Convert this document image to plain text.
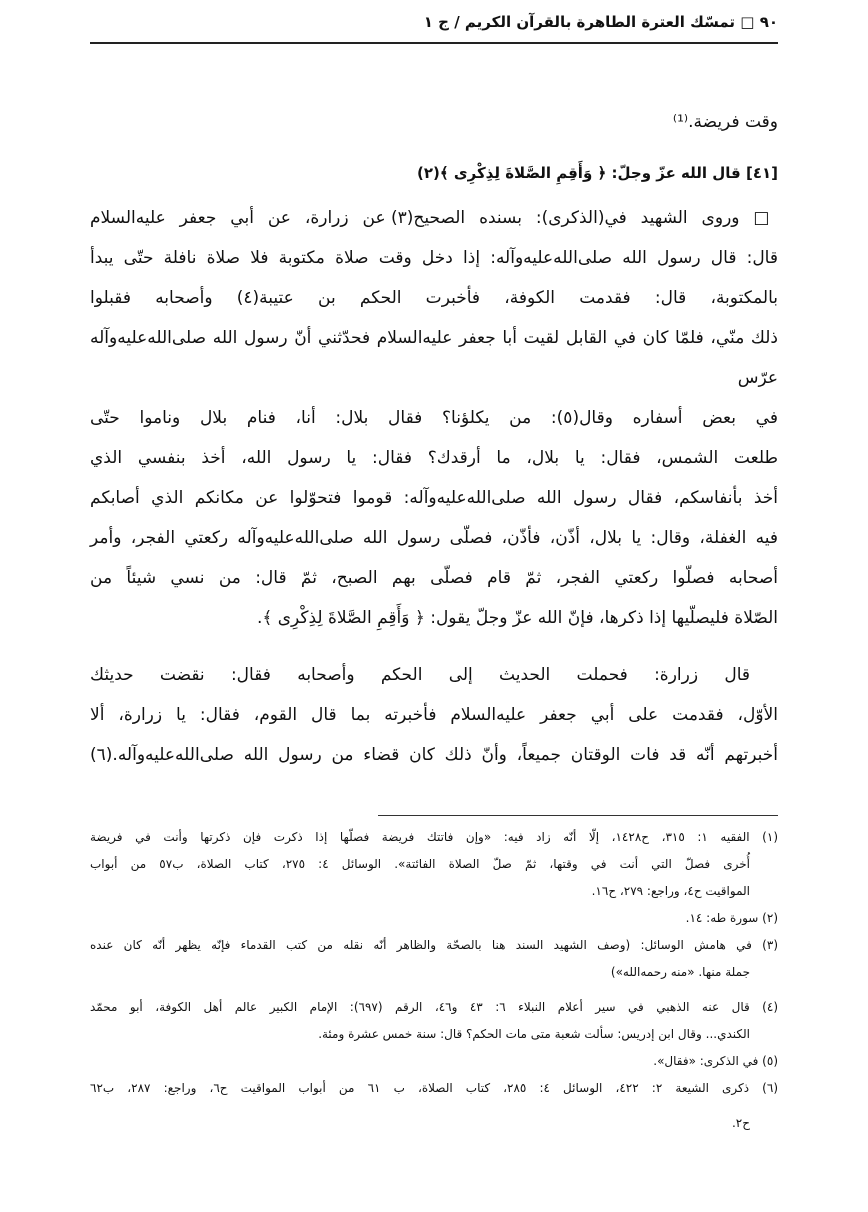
٩٠ □ تمسّك العترة الطاهرة بالقرآن الكريم / ج ١
وقت فريضة.⁽¹⁾
[٤١] قال الله عزّ وجلّ: ﴿ وَأَقِمِ الصَّلاةَ لِذِكْرِى ﴾(٢)
□ وروى الشهيد في(الذكرى): بسنده الصحيح(٣) عن زرارة، عن أبي جعفر عليه‌السلام
قال: قال رسول الله صلى‌الله‌عليه‌وآله: إذا دخل وقت صلاة مكتوبة فلا صلاة نافلة حتّى يبدأ
بالمكتوبة، قال: فقدمت الكوفة، فأخبرت الحكم بن عتيبة(٤) وأصحابه فقبلوا
ذلك منّي، فلمّا كان في القابل لقيت أبا جعفر عليه‌السلام فحدّثني أنّ رسول الله صلى‌الله‌عليه‌وآله عرّس
في بعض أسفاره وقال(٥): من يكلؤنا؟ فقال بلال: أنا، فنام بلال وناموا حتّى
طلعت الشمس، فقال: يا بلال، ما أرقدك؟ فقال: يا رسول الله، أخذ بنفسي الذي
أخذ بأنفاسكم، فقال رسول الله صلى‌الله‌عليه‌وآله: قوموا فتحوّلوا عن مكانكم الذي أصابكم
فيه الغفلة، وقال: يا بلال، أذّن، فأذّن، فصلّى رسول الله صلى‌الله‌عليه‌وآله ركعتي الفجر، وأمر
أصحابه فصلّوا ركعتي الفجر، ثمّ قام فصلّى بهم الصبح، ثمّ قال: من نسي شيئاً من
الصّلاة فليصلّيها إذا ذكرها، فإنّ الله عزّ وجلّ يقول: ﴿ وَأَقِمِ الصَّلاةَ لِذِكْرِى ﴾.
قال زرارة: فحملت الحديث إلى الحكم وأصحابه فقال: نقضت حديثك
الأوّل، فقدمت على أبي جعفر عليه‌السلام فأخبرته بما قال القوم، فقال: يا زرارة، ألا
أخبرتهم أنّه قد فات الوقتان جميعاً، وأنّ ذلك كان قضاء من رسول الله صلى‌الله‌عليه‌وآله.(٦)
(١) الفقيه ١: ٣١٥، ح١٤٢٨، إلّا أنّه زاد فيه: «وإن فاتتك فريضة فصلّها إذا ذكرت فإن ذكرتها وأنت في فريضة
أُخرى فصلّ التي أنت في وقتها، ثمّ صلّ الصلاة الفائتة». الوسائل ٤: ٢٧٥، كتاب الصلاة، ب٥٧ من أبواب
المواقيت ح٤، وراجع: ٢٧٩، ح١٦.
(٢) سورة طه: ١٤.
(٣) في هامش الوسائل: (وصف الشهيد السند هنا بالصحّة والظاهر أنّه نقله من كتب القدماء فإنّه يظهر أنّه كان عنده
جملة منها. «منه رحمه‌الله»)
(٤) قال عنه الذهبي في سير أعلام النبلاء ٦: ٤٣ و٤٦، الرقم (٦٩٧): الإمام الكبير عالم أهل الكوفة، أبو محمّد
الكندي... وقال ابن إدريس: سألت شعبة متى مات الحكم؟ قال: سنة خمس عشرة ومئة.
(٥) في الذكرى: «فقال».
(٦) ذكرى الشيعة ٢: ٤٢٢، الوسائل ٤: ٢٨٥، كتاب الصلاة، ب ٦١ من أبواب المواقيت ح٦، وراجع: ٢٨٧، ب٦٢
ح٢.
